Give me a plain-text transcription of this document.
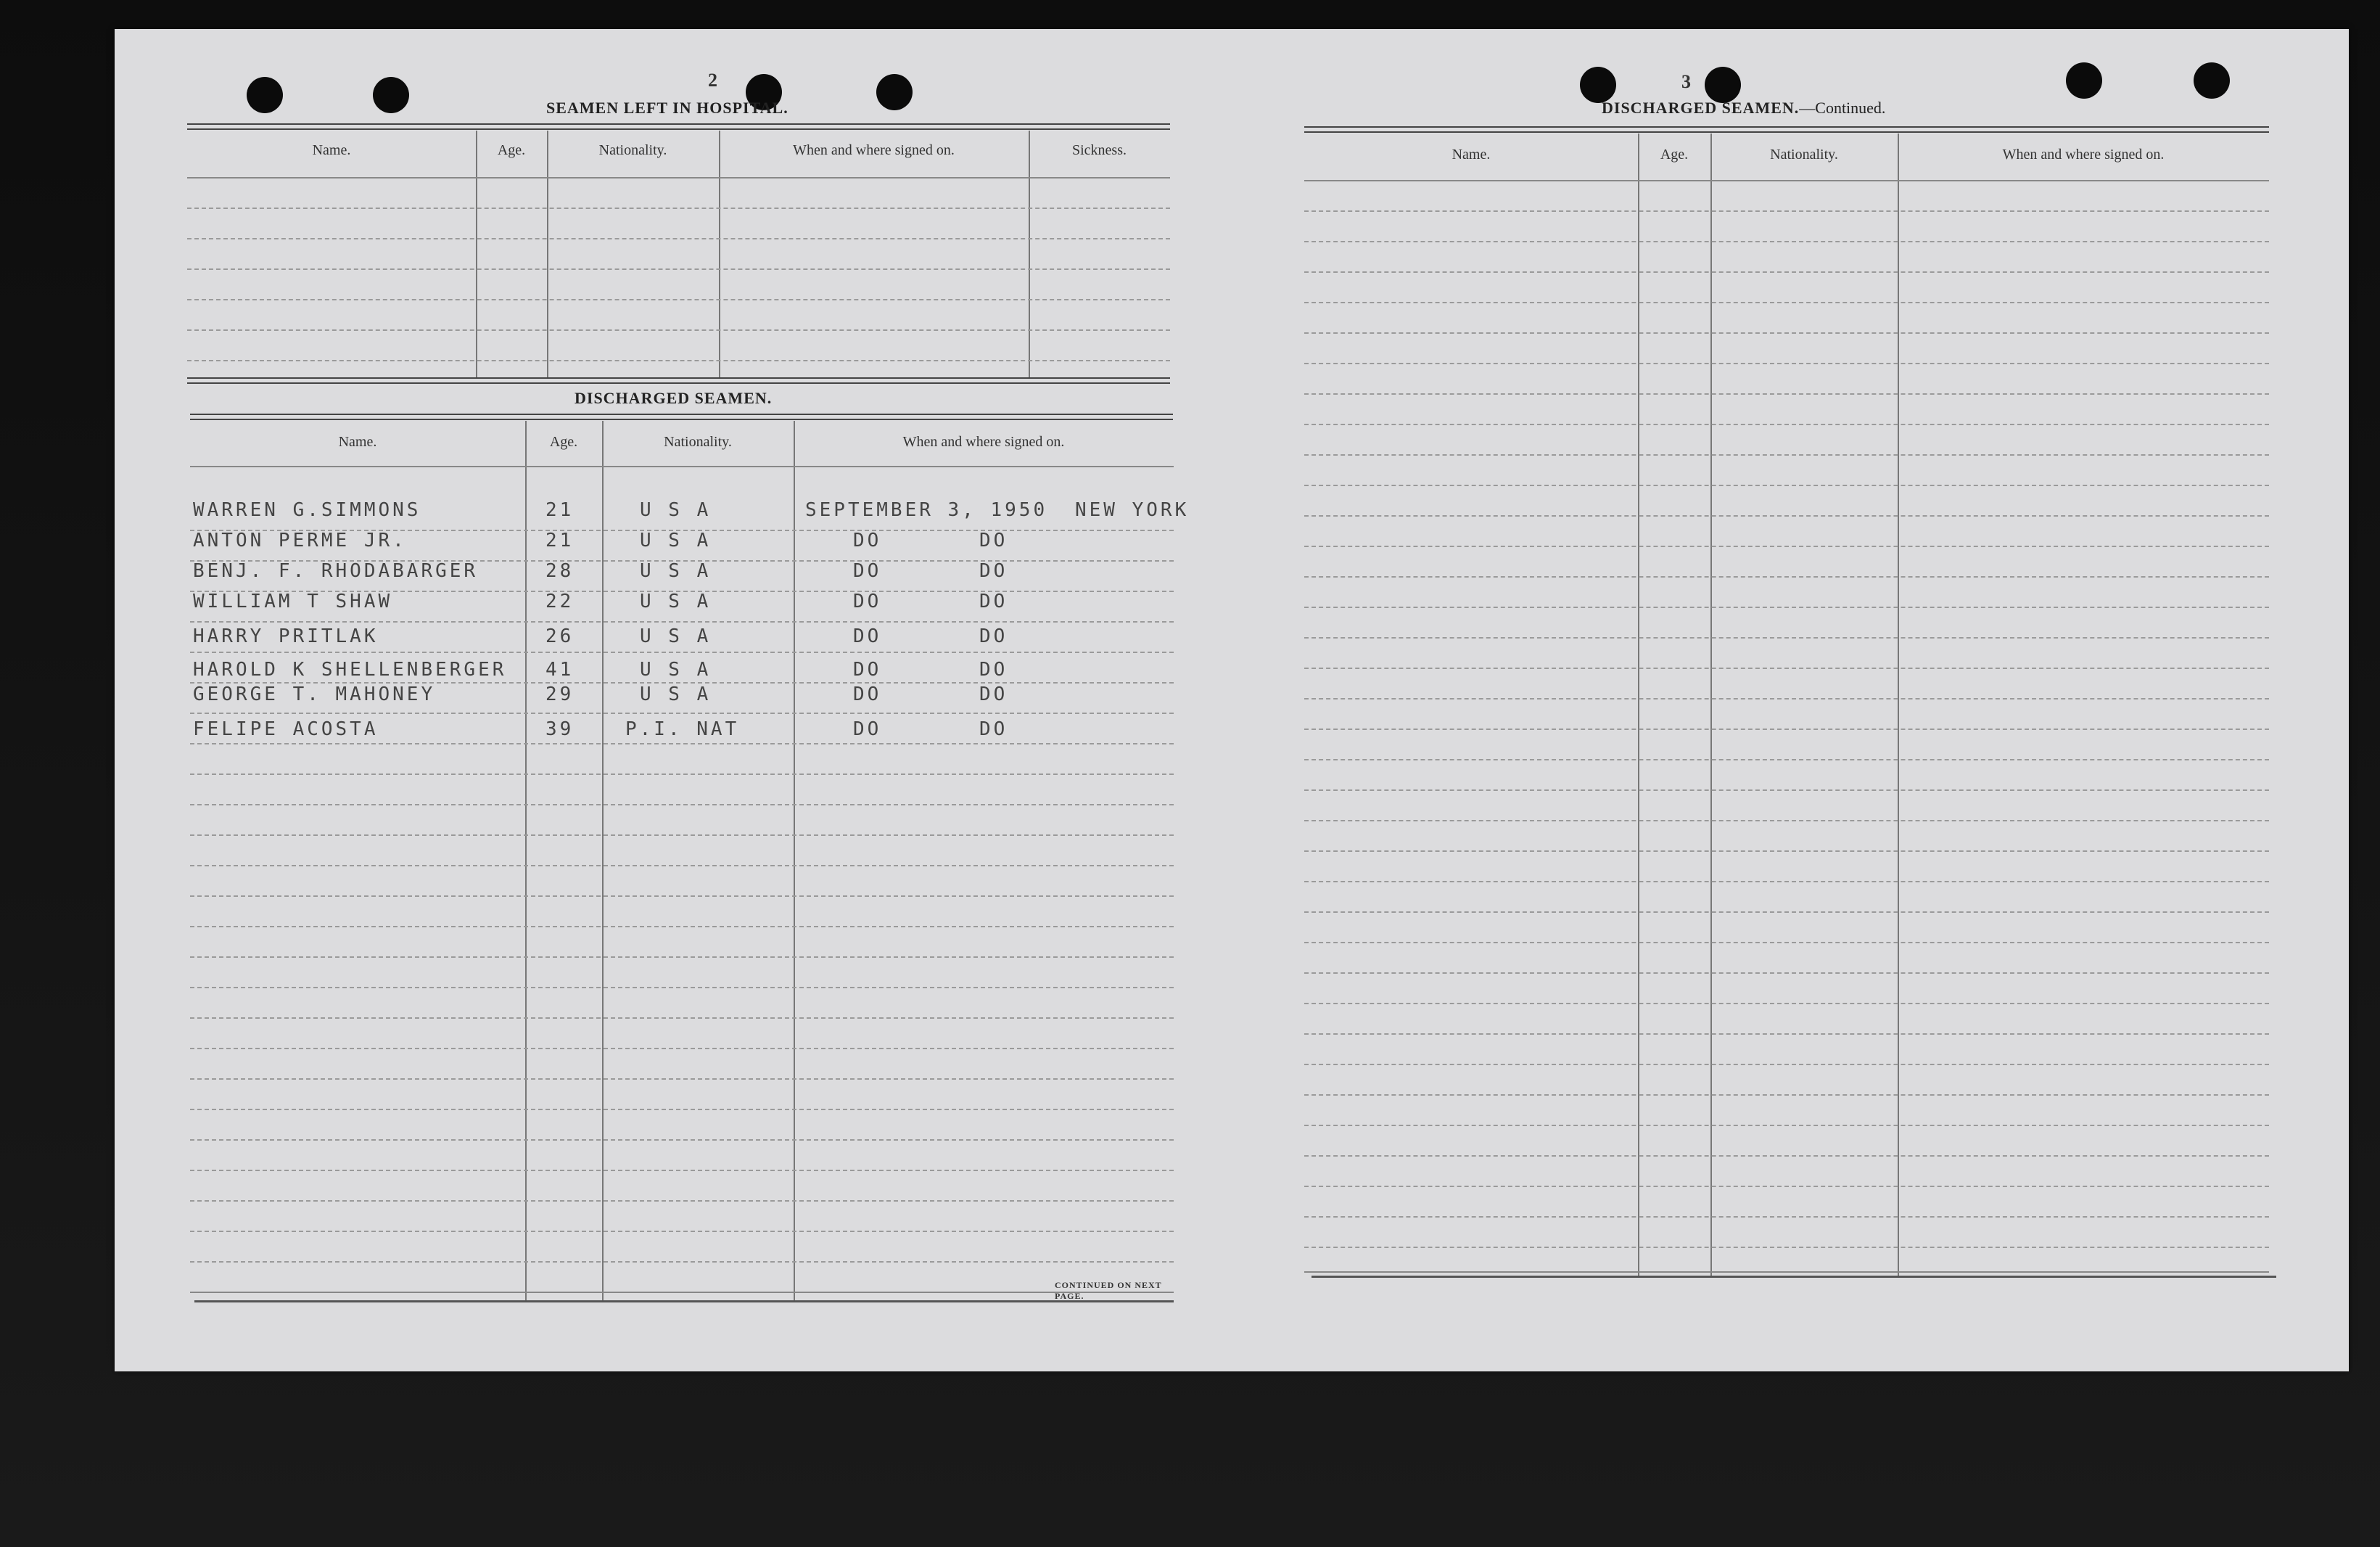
2
SEAMEN LEFT IN HOSPITAL.
Name.	Age.	Nationality.	When and where signed on.	Sickness.
DISCHARGED SEAMEN.
Name.	Age.	Nationality.	When and where signed on.
WARREN G.SIMMONS	21	U S A	SEPTEMBER 3, 1950 NEW YORK
ANTON PERME JR.	21	U S A	DO	DO
BENJ. F. RHODABARGER	28	U S A	DO	DO
WILLIAM T SHAW	22	U S A	DO	DO
HARRY PRITLAK	26	U S A	DO	DO
HAROLD K SHELLENBERGER 41	U S A	DO	DO
GEORGE T. MAHONEY	29	U S A	DO	DO
FELIPE ACOSTA	39	P.I. NAT	DO	DO
CONTINUED ON NEXT PAGE.
3
DISCHARGED SEAMEN.—Continued.
Name.	Age.	Nationality.	When and where signed on.
